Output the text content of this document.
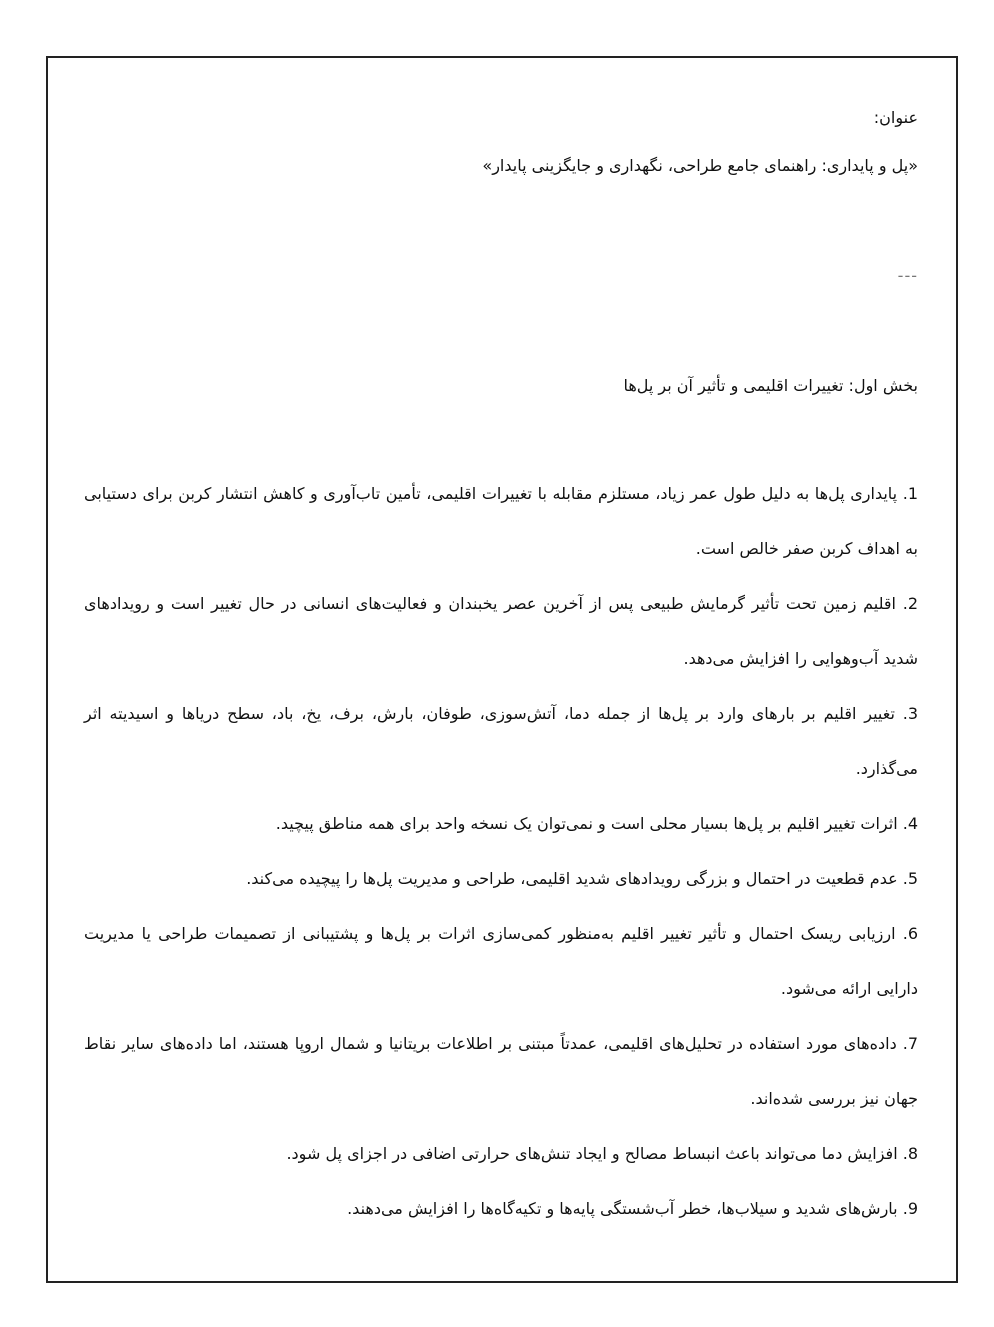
عنوان:

«پل و پایداری: راهنمای جامع طراحی، نگهداری و جایگزینی پایدار»

---
بخش اول: تغییرات اقلیمی و تأثیر آن بر پل‌ها

1. پایداری پل‌ها به دلیل طول عمر زیاد، مستلزم مقابله با تغییرات اقلیمی، تأمین تاب‌آوری و کاهش انتشار کربن برای دستیابی به اهداف کربن صفر خالص است.

2. اقلیم زمین تحت تأثیر گرمایش طبیعی پس از آخرین عصر یخبندان و فعالیت‌های انسانی در حال تغییر است و رویدادهای شدید آب‌وهوایی را افزایش می‌دهد.

3. تغییر اقلیم بر بارهای وارد بر پل‌ها از جمله دما، آتش‌سوزی، طوفان، بارش، برف، یخ، باد، سطح دریاها و اسیدیته اثر می‌گذارد.

4. اثرات تغییر اقلیم بر پل‌ها بسیار محلی است و نمی‌توان یک نسخه واحد برای همه مناطق پیچید.

5. عدم قطعیت در احتمال و بزرگی رویدادهای شدید اقلیمی، طراحی و مدیریت پل‌ها را پیچیده می‌کند.

6. ارزیابی ریسک احتمال و تأثیر تغییر اقلیم به‌منظور کمی‌سازی اثرات بر پل‌ها و پشتیبانی از تصمیمات طراحی یا مدیریت دارایی ارائه می‌شود.

7. داده‌های مورد استفاده در تحلیل‌های اقلیمی، عمدتاً مبتنی بر اطلاعات بریتانیا و شمال اروپا هستند، اما داده‌های سایر نقاط جهان نیز بررسی شده‌اند.

8. افزایش دما می‌تواند باعث انبساط مصالح و ایجاد تنش‌های حرارتی اضافی در اجزای پل شود.

9. بارش‌های شدید و سیلاب‌ها، خطر آب‌شستگی پایه‌ها و تکیه‌گاه‌ها را افزایش می‌دهند.
